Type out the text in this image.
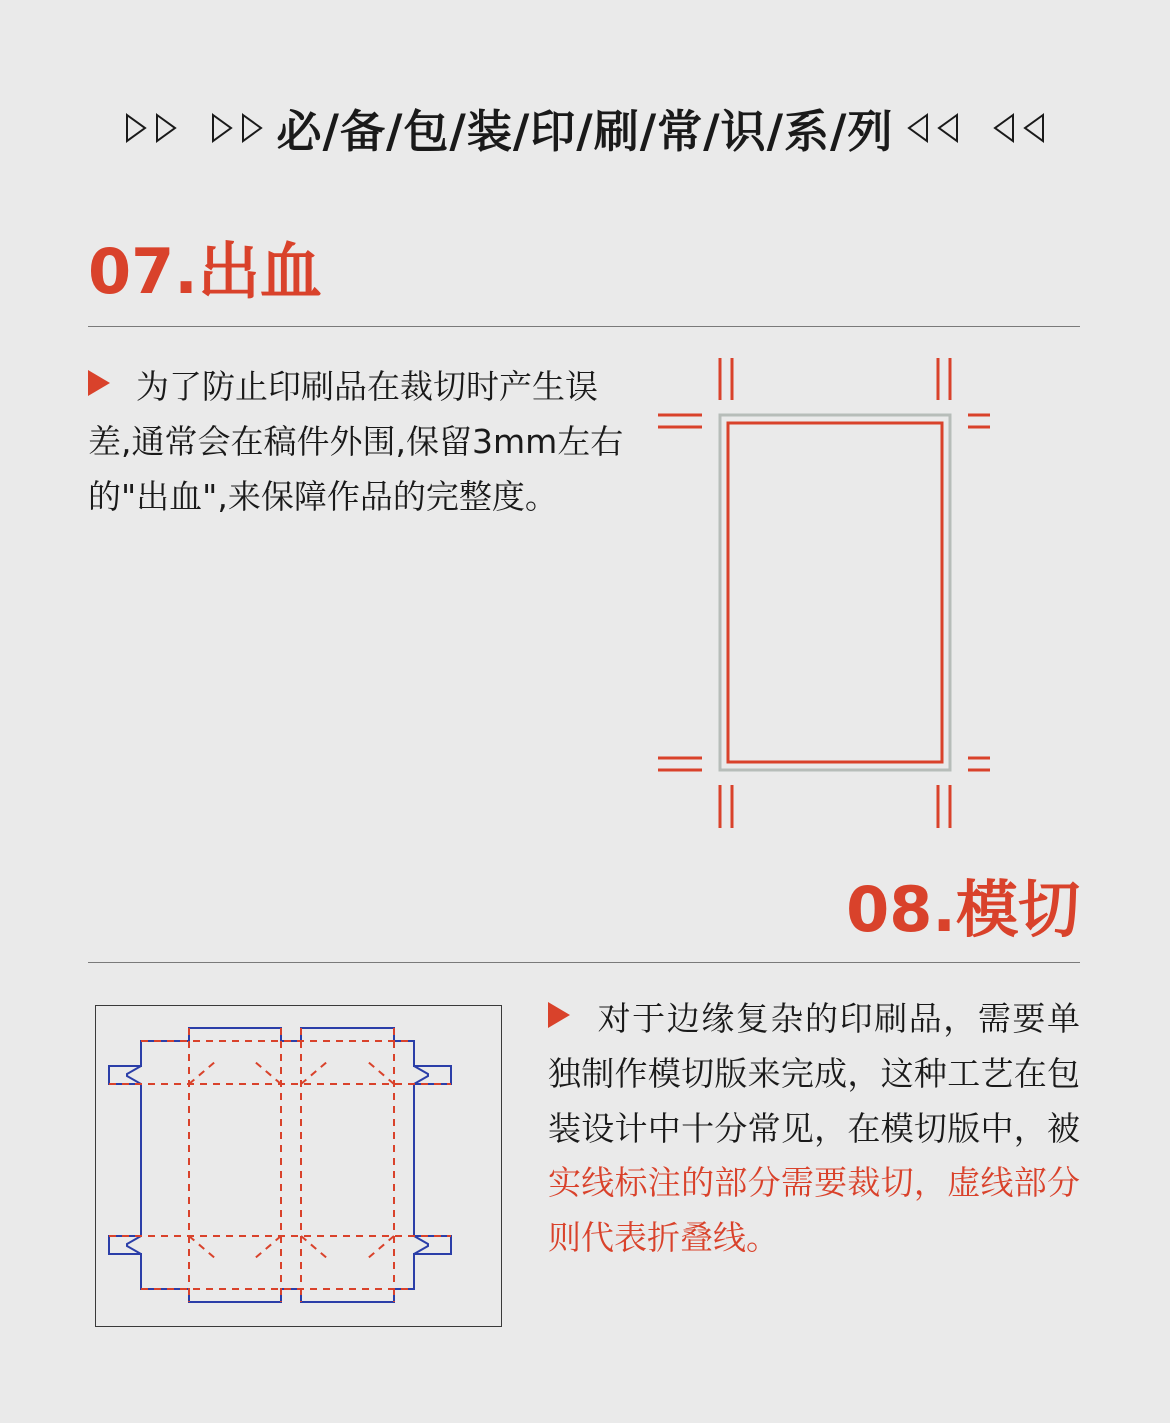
必/备/包/装/印/刷/常/识/系/列
07.出血
为了防止印刷品在裁切时产生误差,通常会在稿件外围,保留3mm左右的"出血",来保障作品的完整度。
08.模切
对于边缘复杂的印刷品，需要单独制作模切版来完成，这种工艺在包装设计中十分常见，在模切版中，被实线标注的部分需要裁切，虚线部分则代表折叠线。
